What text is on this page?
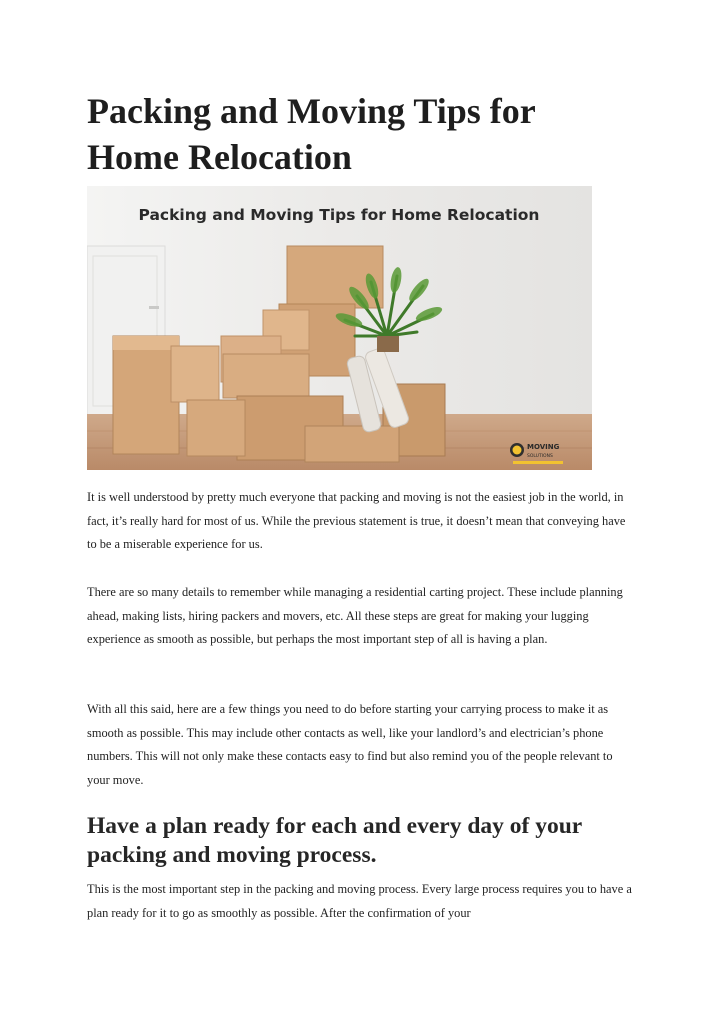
Packing and Moving Tips for Home Relocation
Packing and Moving Tips for Home Relocation
MOVING
SOLUTIONS

It is well understood by pretty much everyone that packing and moving is not the easiest job in the world, in fact, it’s really hard for most of us. While the previous statement is true, it doesn’t mean that conveying have to be a miserable experience for us.

There are so many details to remember while managing a residential carting project. These include planning ahead, making lists, hiring packers and movers, etc. All these steps are great for making your lugging experience as smooth as possible, but perhaps the most important step of all is having a plan.

With all this said, here are a few things you need to do before starting your carrying process to make it as smooth as possible. This may include other contacts as well, like your landlord’s and electrician’s phone numbers. This will not only make these contacts easy to find but also remind you of the people relevant to your move.

Have a plan ready for each and every day of your packing and moving process.

This is the most important step in the packing and moving process. Every large process requires you to have a plan ready for it to go as smoothly as possible. After the confirmation of your
